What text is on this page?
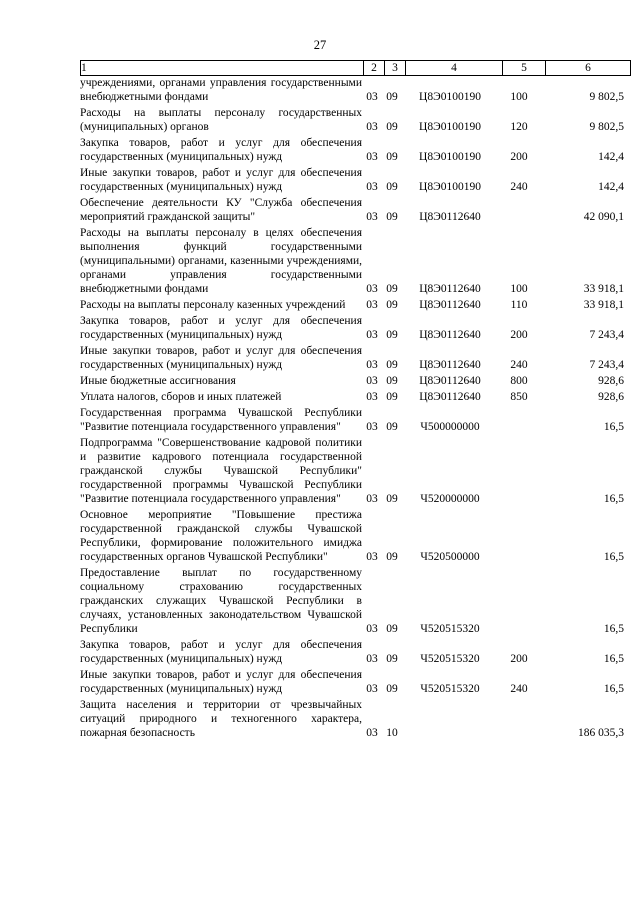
27
1	2	3	4	5	6
учреждениями, органами управления государственными внебюджетными фондами	03	09	Ц8Э0100190	100	9 802,5
Расходы на выплаты персоналу государственных (муниципальных) органов	03	09	Ц8Э0100190	120	9 802,5
Закупка товаров, работ и услуг для обеспечения государственных (муниципальных) нужд	03	09	Ц8Э0100190	200	142,4
Иные закупки товаров, работ и услуг для обеспечения государственных (муниципальных) нужд	03	09	Ц8Э0100190	240	142,4
Обеспечение деятельности КУ "Служба обеспечения мероприятий гражданской защиты"	03	09	Ц8Э0112640		42 090,1
Расходы на выплаты персоналу в целях обеспечения выполнения функций государственными (муниципальными) органами, казенными учреждениями, органами управления государственными внебюджетными фондами	03	09	Ц8Э0112640	100	33 918,1
Расходы на выплаты персоналу казенных учреждений	03	09	Ц8Э0112640	110	33 918,1
Закупка товаров, работ и услуг для обеспечения государственных (муниципальных) нужд	03	09	Ц8Э0112640	200	7 243,4
Иные закупки товаров, работ и услуг для обеспечения государственных (муниципальных) нужд	03	09	Ц8Э0112640	240	7 243,4
Иные бюджетные ассигнования	03	09	Ц8Э0112640	800	928,6
Уплата налогов, сборов и иных платежей	03	09	Ц8Э0112640	850	928,6
Государственная программа Чувашской Республики "Развитие потенциала государственного управления"	03	09	Ч500000000		16,5
Подпрограмма "Совершенствование кадровой политики и развитие кадрового потенциала государственной гражданской службы Чувашской Республики" государственной программы Чувашской Республики "Развитие потенциала государственного управления"	03	09	Ч520000000		16,5
Основное мероприятие "Повышение престижа государственной гражданской службы Чувашской Республики, формирование положительного имиджа государственных органов Чувашской Республики"	03	09	Ч520500000		16,5
Предоставление выплат по государственному социальному страхованию государственных гражданских служащих Чувашской Республики в случаях, установленных законодательством Чувашской Республики	03	09	Ч520515320		16,5
Закупка товаров, работ и услуг для обеспечения государственных (муниципальных) нужд	03	09	Ч520515320	200	16,5
Иные закупки товаров, работ и услуг для обеспечения государственных (муниципальных) нужд	03	09	Ч520515320	240	16,5
Защита населения и территории от чрезвычайных ситуаций природного и техногенного характера, пожарная безопасность	03	10			186 035,3
